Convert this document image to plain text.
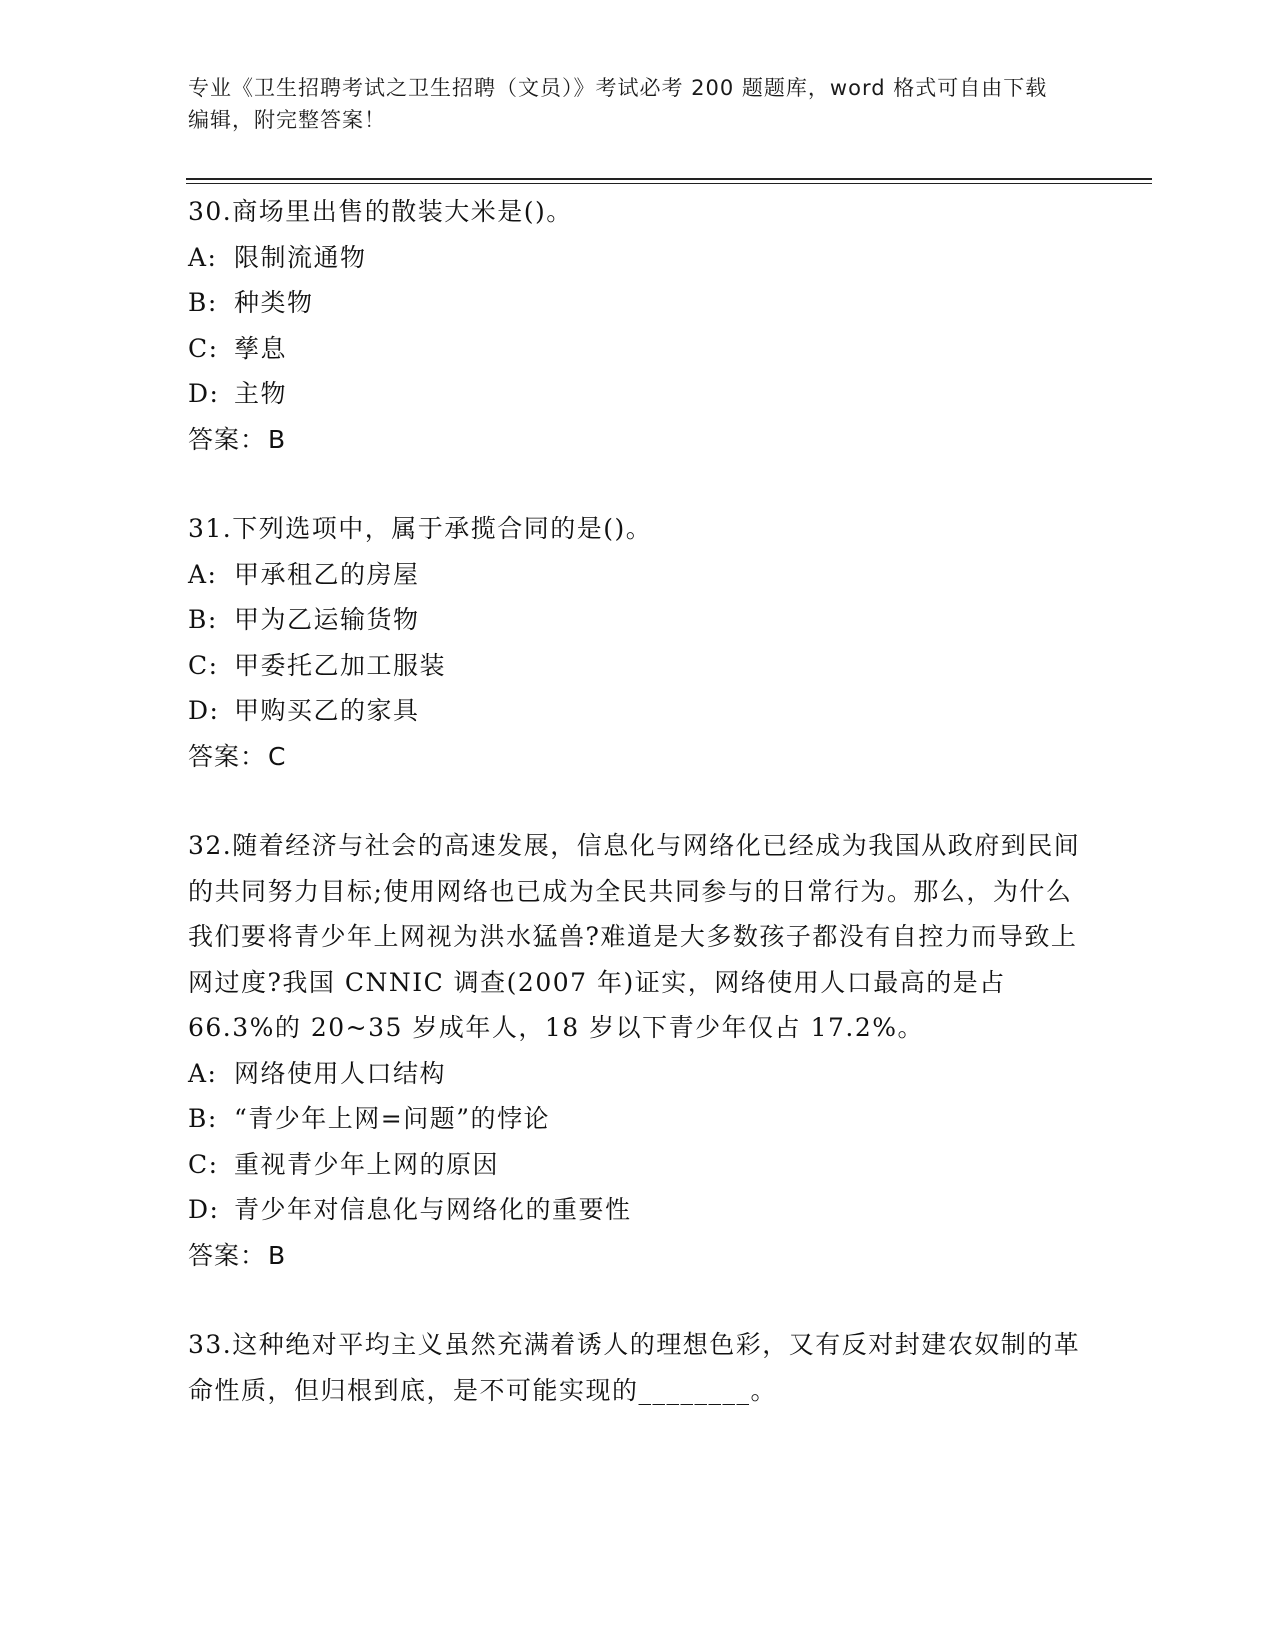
专业《卫生招聘考试之卫生招聘（文员）》考试必考 200 题题库，word 格式可自由下载编辑，附完整答案！

30.商场里出售的散装大米是()。

A: 限制流通物

B: 种类物

C: 孳息

D: 主物

答案：B

31.下列选项中，属于承揽合同的是()。

A: 甲承租乙的房屋

B: 甲为乙运输货物

C: 甲委托乙加工服装

D: 甲购买乙的家具

答案：C

32.随着经济与社会的高速发展，信息化与网络化已经成为我国从政府到民间的共同努力目标;使用网络也已成为全民共同参与的日常行为。那么，为什么我们要将青少年上网视为洪水猛兽?难道是大多数孩子都没有自控力而导致上网过度?我国 CNNIC 调查(2007 年)证实，网络使用人口最高的是占 66.3%的 20~35 岁成年人，18 岁以下青少年仅占 17.2%。

A: 网络使用人口结构

B: “青少年上网=问题”的悖论

C: 重视青少年上网的原因

D: 青少年对信息化与网络化的重要性

答案：B

33.这种绝对平均主义虽然充满着诱人的理想色彩，又有反对封建农奴制的革命性质，但归根到底，是不可能实现的________。
